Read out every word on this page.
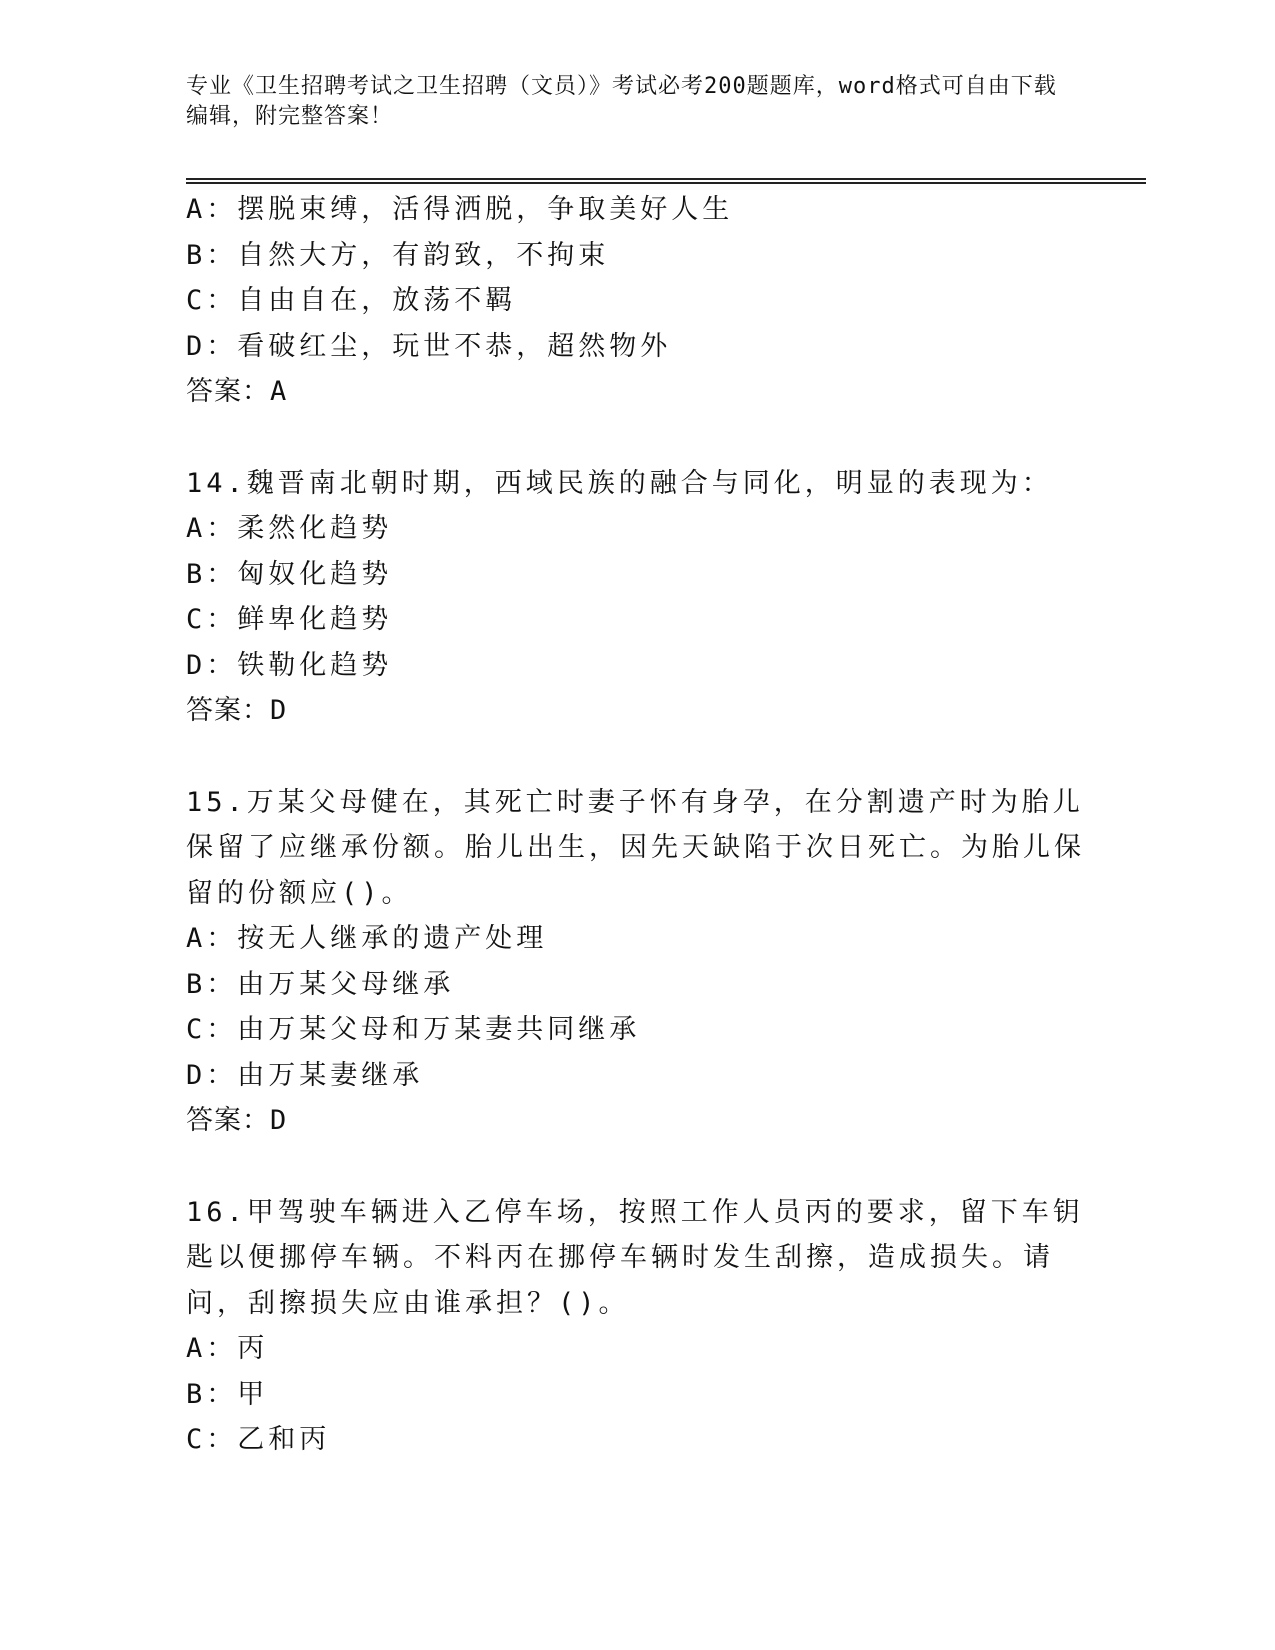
专业《卫生招聘考试之卫生招聘（文员）》考试必考200题题库，word格式可自由下载编辑，附完整答案！
A：摆脱束缚，活得洒脱，争取美好人生
B：自然大方，有韵致，不拘束
C：自由自在，放荡不羁
D：看破红尘，玩世不恭，超然物外
答案：A
14.魏晋南北朝时期，西域民族的融合与同化，明显的表现为：
A：柔然化趋势
B：匈奴化趋势
C：鲜卑化趋势
D：铁勒化趋势
答案：D
15.万某父母健在，其死亡时妻子怀有身孕，在分割遗产时为胎儿保留了应继承份额。胎儿出生，因先天缺陷于次日死亡。为胎儿保留的份额应()。
A：按无人继承的遗产处理
B：由万某父母继承
C：由万某父母和万某妻共同继承
D：由万某妻继承
答案：D
16.甲驾驶车辆进入乙停车场，按照工作人员丙的要求，留下车钥匙以便挪停车辆。不料丙在挪停车辆时发生刮擦，造成损失。请问，刮擦损失应由谁承担？()。
A：丙
B：甲
C：乙和丙
